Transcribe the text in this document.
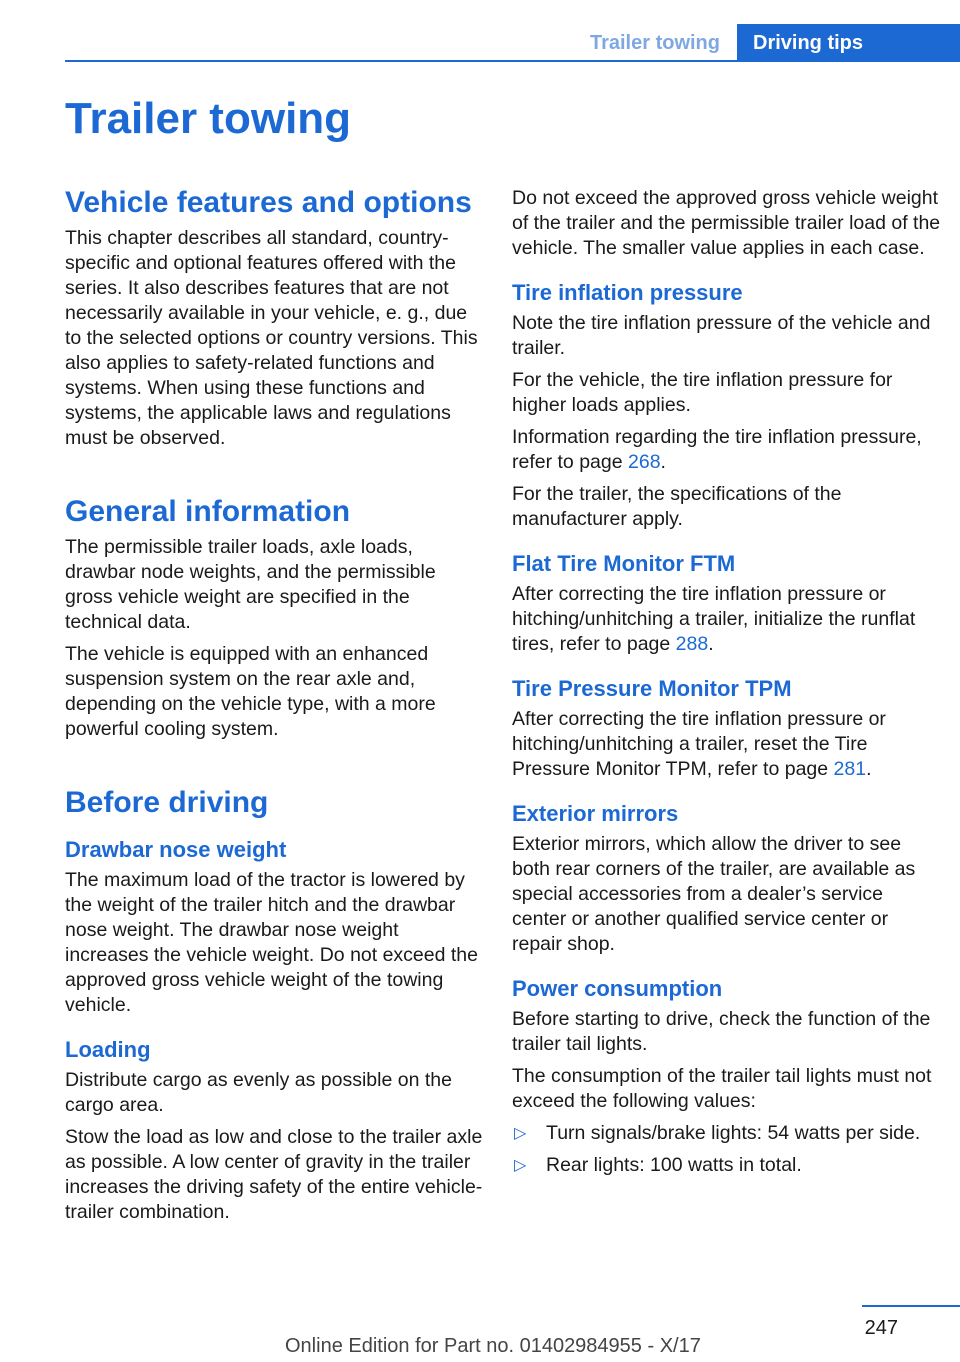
Trailer towing	Driving tips
Trailer towing
Vehicle features and options

This chapter describes all standard, country-specific and optional features offered with the series. It also describes features that are not necessarily available in your vehicle, e. g., due to the selected options or country versions. This also applies to safety-related functions and systems. When using these functions and systems, the applicable laws and regulations must be observed.

General information

The permissible trailer loads, axle loads, drawbar node weights, and the permissible gross vehicle weight are specified in the technical data.

The vehicle is equipped with an enhanced suspension system on the rear axle and, depending on the vehicle type, with a more powerful cooling system.

Before driving
Drawbar nose weight

The maximum load of the tractor is lowered by the weight of the trailer hitch and the drawbar nose weight. The drawbar nose weight increases the vehicle weight. Do not exceed the approved gross vehicle weight of the towing vehicle.

Loading

Distribute cargo as evenly as possible on the cargo area.

Stow the load as low and close to the trailer axle as possible. A low center of gravity in the trailer increases the driving safety of the entire vehicle-trailer combination.

Do not exceed the approved gross vehicle weight of the trailer and the permissible trailer load of the vehicle. The smaller value applies in each case.

Tire inflation pressure

Note the tire inflation pressure of the vehicle and trailer.

For the vehicle, the tire inflation pressure for higher loads applies.

Information regarding the tire inflation pressure, refer to page 268.

For the trailer, the specifications of the manufacturer apply.

Flat Tire Monitor FTM

After correcting the tire inflation pressure or hitching/unhitching a trailer, initialize the runflat tires, refer to page 288.

Tire Pressure Monitor TPM

After correcting the tire inflation pressure or hitching/unhitching a trailer, reset the Tire Pressure Monitor TPM, refer to page 281.

Exterior mirrors

Exterior mirrors, which allow the driver to see both rear corners of the trailer, are available as special accessories from a dealer’s service center or another qualified service center or repair shop.

Power consumption

Before starting to drive, check the function of the trailer tail lights.

The consumption of the trailer tail lights must not exceed the following values:

▷ Turn signals/brake lights: 54 watts per side.
▷ Rear lights: 100 watts in total.
247
Online Edition for Part no. 01402984955 - X/17
